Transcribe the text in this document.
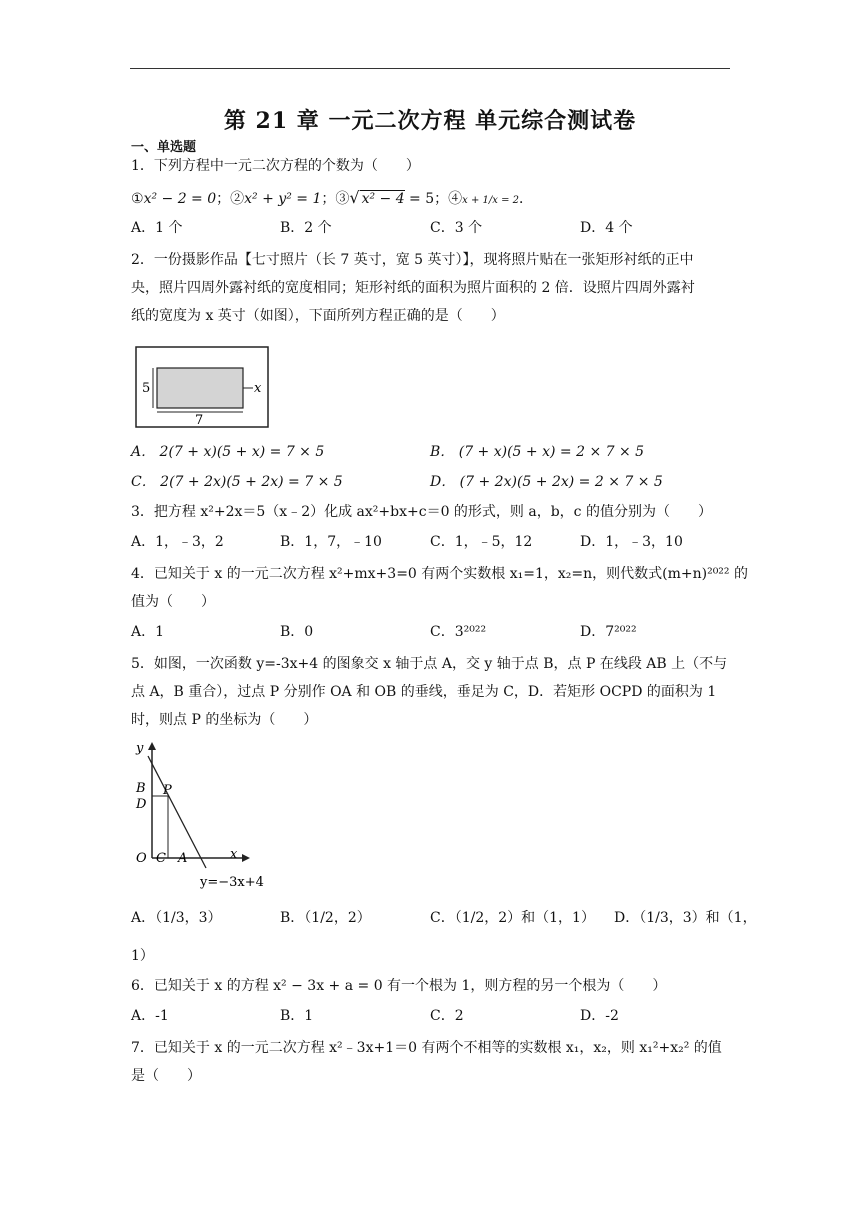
第 21 章 一元二次方程 单元综合测试卷
一、单选题
1．下列方程中一元二次方程的个数为（　　）
①x² − 2 = 0；②x² + y² = 1；③√ x² − 4 = 5；④x + 1/x = 2．
A．1 个	B．2 个	C．3 个	D．4 个
2．一份摄影作品【七寸照片（长 7 英寸，宽 5 英寸）】，现将照片贴在一张矩形衬纸的正中
央，照片四周外露衬纸的宽度相同；矩形衬纸的面积为照片面积的 2 倍．设照片四周外露衬
纸的宽度为 x 英寸（如图），下面所列方程正确的是（　　）
5
7
x
A． 2(7 + x)(5 + x) = 7 × 5	B． (7 + x)(5 + x) = 2 × 7 × 5
C． 2(7 + 2x)(5 + 2x) = 7 × 5	D． (7 + 2x)(5 + 2x) = 2 × 7 × 5
3．把方程 x²+2x＝5（x﹣2）化成 ax²+bx+c＝0 的形式，则 a，b，c 的值分别为（　　）
A．1，﹣3，2	B．1，7，﹣10	C．1，﹣5，12	D．1，﹣3，10
4．已知关于 x 的一元二次方程 x²+mx+3=0 有两个实数根 x₁=1，x₂=n，则代数式(m+n)²⁰²² 的
值为（　　）
A．1	B．0	C．3²⁰²²	D．7²⁰²²
5．如图，一次函数 y=-3x+4 的图象交 x 轴于点 A，交 y 轴于点 B，点 P 在线段 AB 上（不与
点 A，B 重合），过点 P 分别作 OA 和 OB 的垂线，垂足为 C，D．若矩形 OCPD 的面积为 1
时，则点 P 的坐标为（　　）
y
x
B
D
P
O C A
y=−3x+4
A．（1/3，3）	B．（1/2，2）	C．（1/2，2）和（1，1） D．（1/3，3）和（1，
1）
6．已知关于 x 的方程 x² − 3x + a = 0 有一个根为 1，则方程的另一个根为（　　）
A．-1	B．1	C．2	D．-2
7．已知关于 x 的一元二次方程 x²﹣3x+1＝0 有两个不相等的实数根 x₁，x₂，则 x₁²+x₂² 的值
是（　　）
